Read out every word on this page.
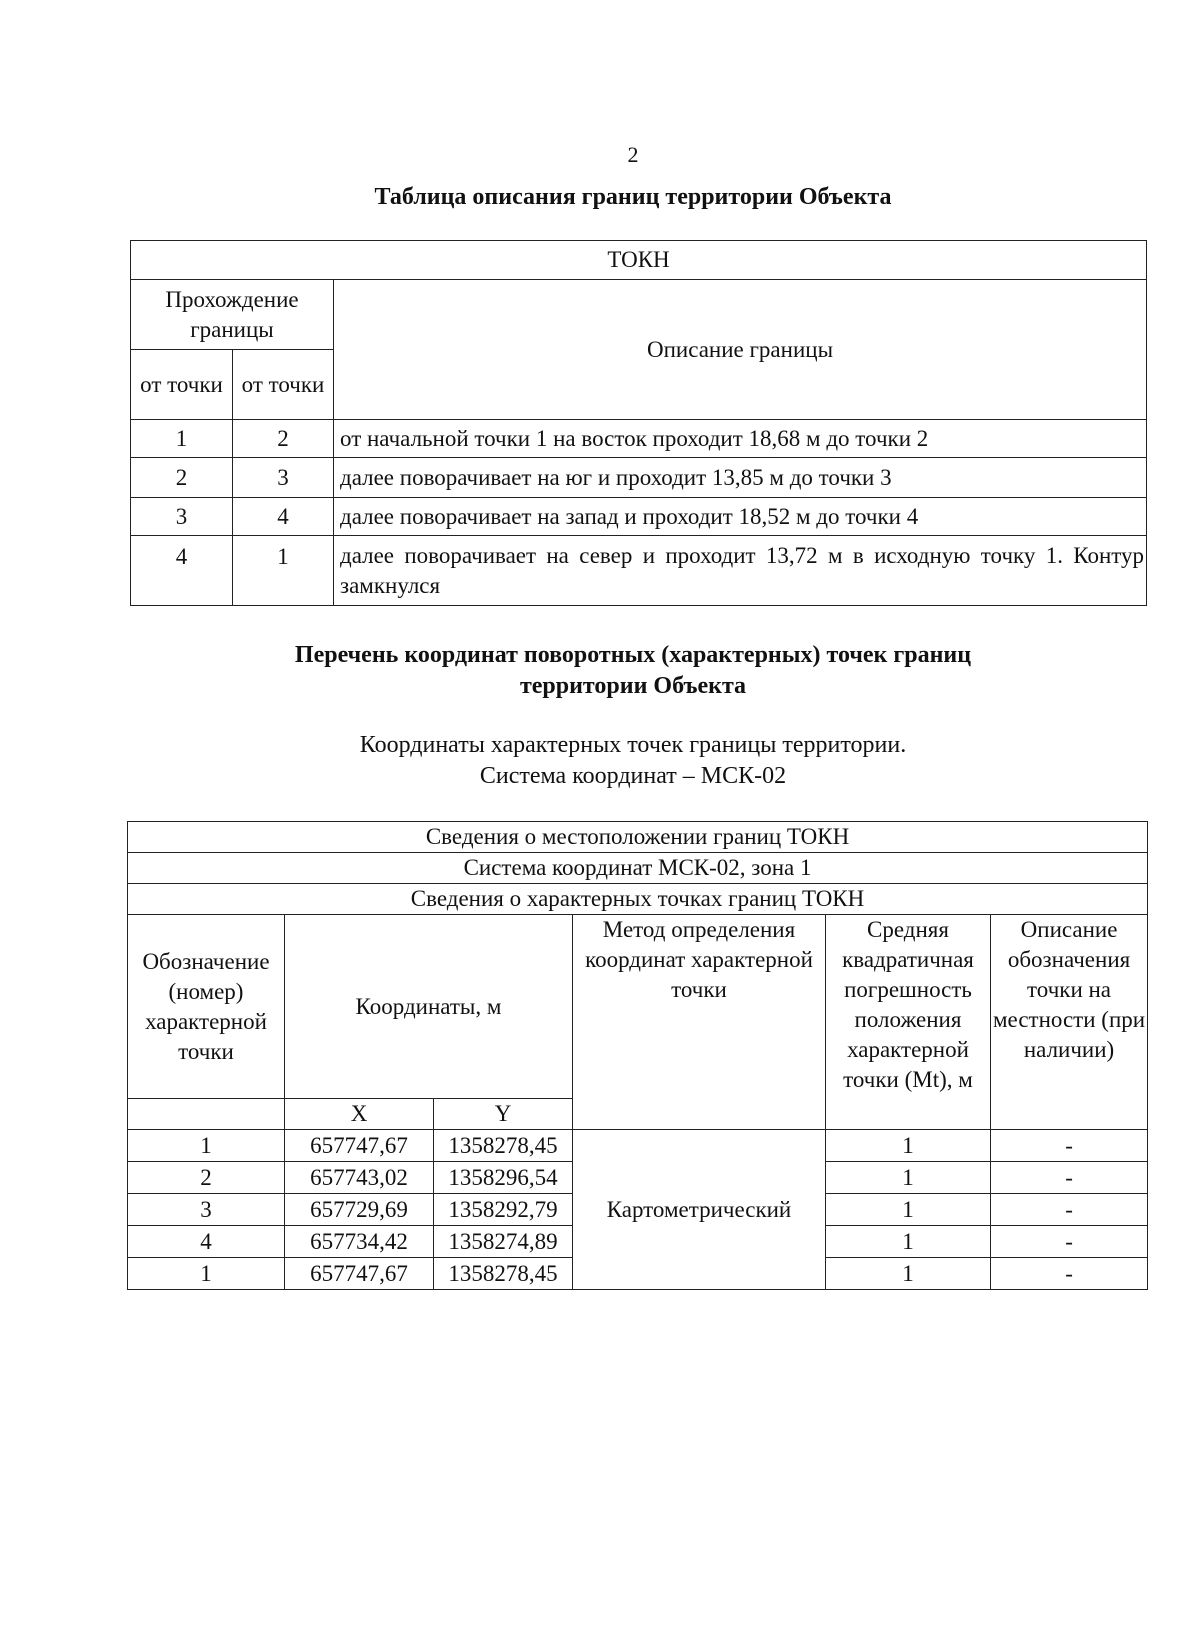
2
Таблица описания границ территории Объекта
ТОКН		
Прохождение границы		Описание границы
от точки	от точки	
1	2	от начальной точки 1 на восток проходит 18,68 м до точки 2
2	3	далее поворачивает на юг и проходит 13,85 м до точки 3
3	4	далее поворачивает на запад и проходит 18,52 м до точки 4
4	1	далее поворачивает на север и проходит 13,72 м в исходную точку 1. Контур замкнулся
Перечень координат поворотных (характерных) точек границ
территории Объекта
Координаты характерных точек границы территории.
Система координат – МСК-02
Сведения о местоположении границ ТОКН					
Система координат МСК-02, зона 1					
Сведения о характерных точках границ ТОКН					
Обозначение (номер) характерной точки	Координаты, м		Метод определения координат характерной точки	Средняя квадратичная погрешность положения характерной точки (Mt), м	Описание обозначения точки на местности (при наличии)
	X	Y			
1	657747,67	1358278,45	Картометрический	1	-
2	657743,02	1358296,54		1	-
3	657729,69	1358292,79		1	-
4	657734,42	1358274,89		1	-
1	657747,67	1358278,45		1	-
